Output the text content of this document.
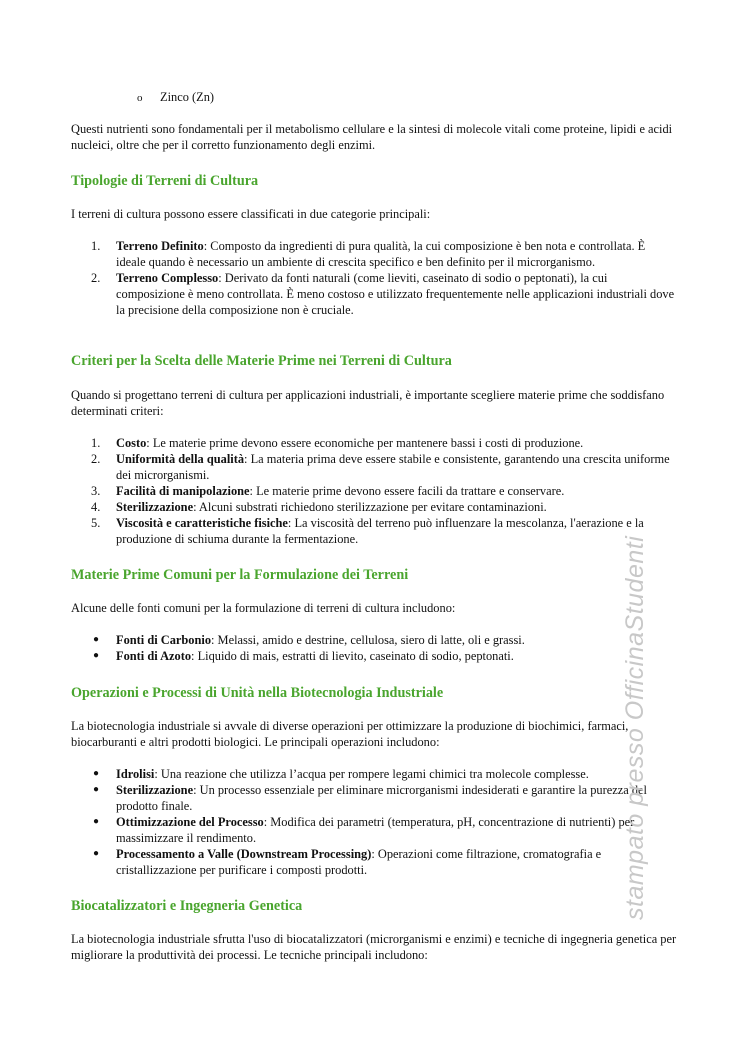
o Zinco (Zn)

Questi nutrienti sono fondamentali per il metabolismo cellulare e la sintesi di molecole vitali come proteine, lipidi e acidi nucleici, oltre che per il corretto funzionamento degli enzimi.

Tipologie di Terreni di Cultura

I terreni di cultura possono essere classificati in due categorie principali:

1. Terreno Definito: Composto da ingredienti di pura qualità, la cui composizione è ben nota e controllata. È ideale quando è necessario un ambiente di crescita specifico e ben definito per il microrganismo.
2. Terreno Complesso: Derivato da fonti naturali (come lieviti, caseinato di sodio o peptonati), la cui composizione è meno controllata. È meno costoso e utilizzato frequentemente nelle applicazioni industriali dove la precisione della composizione non è cruciale.
Criteri per la Scelta delle Materie Prime nei Terreni di Cultura

Quando si progettano terreni di cultura per applicazioni industriali, è importante scegliere materie prime che soddisfano determinati criteri:

1. Costo: Le materie prime devono essere economiche per mantenere bassi i costi di produzione.
2. Uniformità della qualità: La materia prima deve essere stabile e consistente, garantendo una crescita uniforme dei microrganismi.
3. Facilità di manipolazione: Le materie prime devono essere facili da trattare e conservare.
4. Sterilizzazione: Alcuni substrati richiedono sterilizzazione per evitare contaminazioni.
5. Viscosità e caratteristiche fisiche: La viscosità del terreno può influenzare la mescolanza, l'aerazione e la produzione di schiuma durante la fermentazione.
Materie Prime Comuni per la Formulazione dei Terreni

Alcune delle fonti comuni per la formulazione di terreni di cultura includono:

● Fonti di Carbonio: Melassi, amido e destrine, cellulosa, siero di latte, oli e grassi.
● Fonti di Azoto: Liquido di mais, estratti di lievito, caseinato di sodio, peptonati.
Operazioni e Processi di Unità nella Biotecnologia Industriale

La biotecnologia industriale si avvale di diverse operazioni per ottimizzare la produzione di biochimici, farmaci, biocarburanti e altri prodotti biologici. Le principali operazioni includono:

● Idrolisi: Una reazione che utilizza l’acqua per rompere legami chimici tra molecole complesse.
● Sterilizzazione: Un processo essenziale per eliminare microrganismi indesiderati e garantire la purezza del prodotto finale.
● Ottimizzazione del Processo: Modifica dei parametri (temperatura, pH, concentrazione di nutrienti) per massimizzare il rendimento.
● Processamento a Valle (Downstream Processing): Operazioni come filtrazione, cromatografia e cristallizzazione per purificare i composti prodotti.
Biocatalizzatori e Ingegneria Genetica

La biotecnologia industriale sfrutta l'uso di biocatalizzatori (microrganismi e enzimi) e tecniche di ingegneria genetica per migliorare la produttività dei processi. Le tecniche principali includono:

stampato presso OfficinaStudenti
